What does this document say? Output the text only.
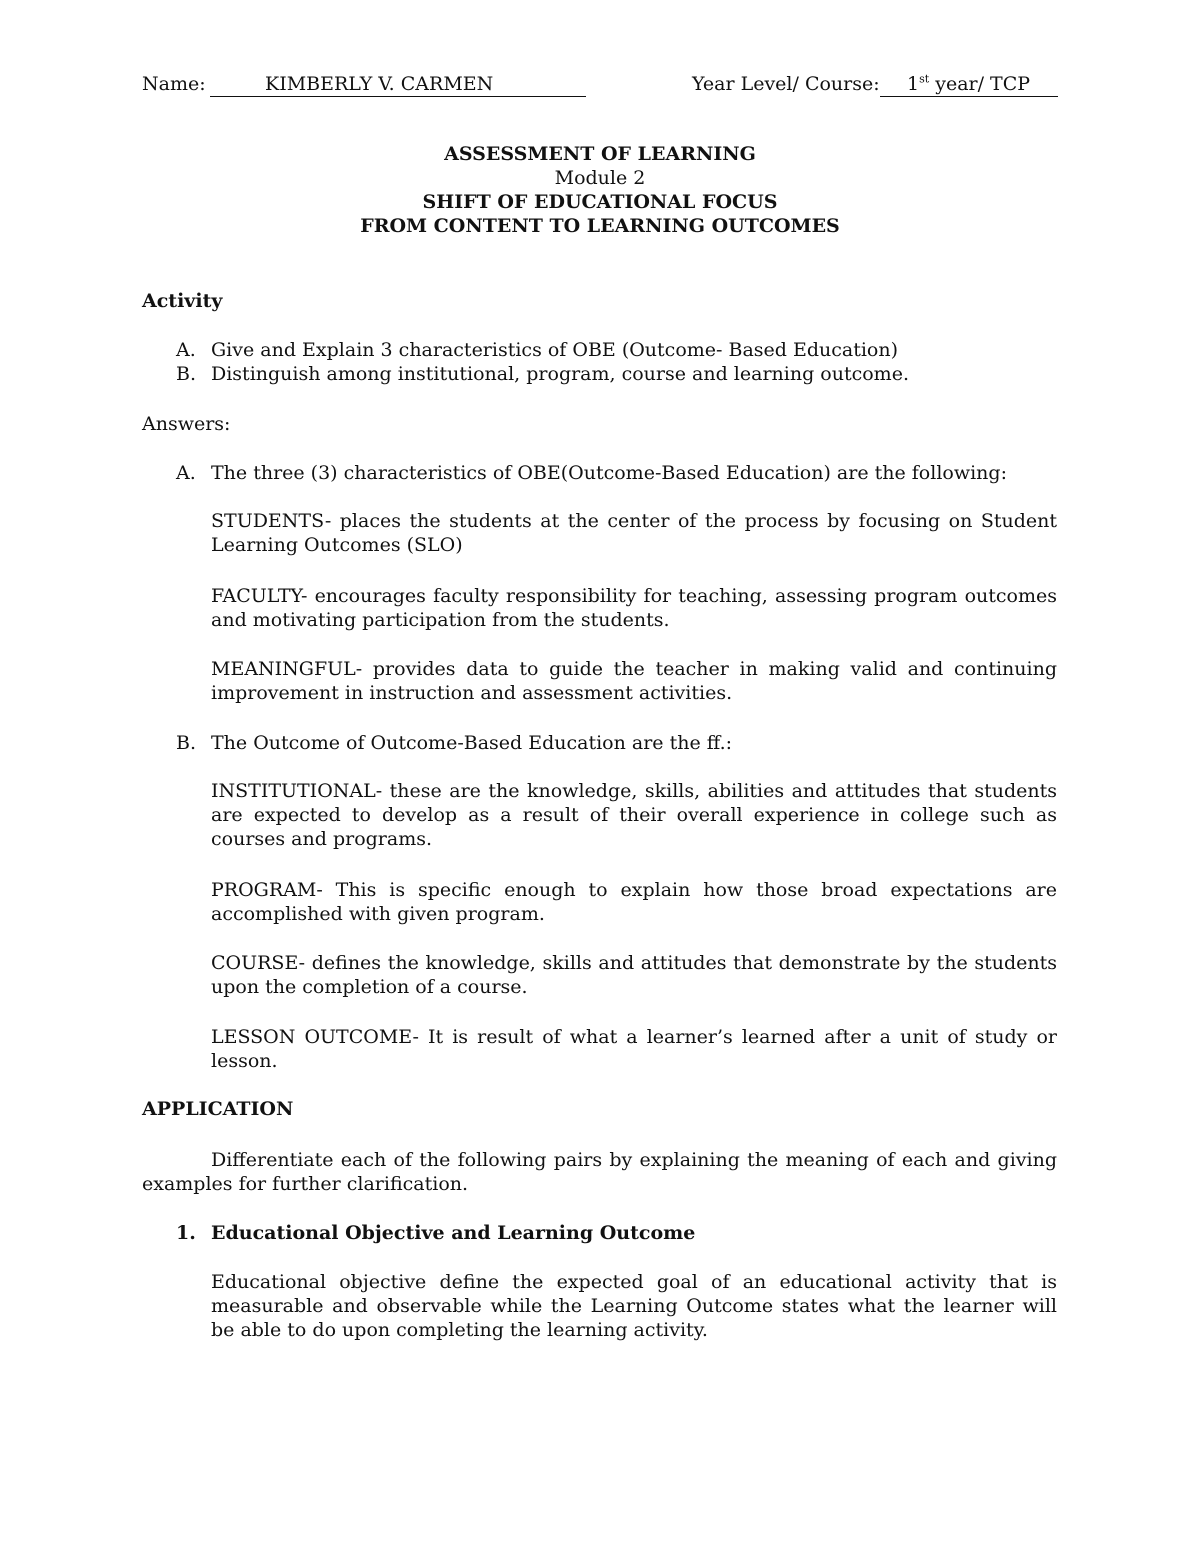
Name:	KIMBERLY V. CARMEN	Year Level/ Course: 1st year/ TCP
ASSESSMENT OF LEARNING
Module 2
SHIFT OF EDUCATIONAL FOCUS
FROM CONTENT TO LEARNING OUTCOMES
Activity
A. Give and Explain 3 characteristics of OBE (Outcome- Based Education)
B. Distinguish among institutional, program, course and learning outcome.
Answers:
A. The three (3) characteristics of OBE(Outcome-Based Education) are the following:
STUDENTS- places the students at the center of the process by focusing on Student Learning Outcomes (SLO)
FACULTY- encourages faculty responsibility for teaching, assessing program outcomes and motivating participation from the students.
MEANINGFUL- provides data to guide the teacher in making valid and continuing improvement in instruction and assessment activities.
B. The Outcome of Outcome-Based Education are the ff.:
INSTITUTIONAL- these are the knowledge, skills, abilities and attitudes that students are expected to develop as a result of their overall experience in college such as courses and programs.
PROGRAM- This is specific enough to explain how those broad expectations are accomplished with given program.
COURSE- defines the knowledge, skills and attitudes that demonstrate by the students upon the completion of a course.
LESSON OUTCOME- It is result of what a learner’s learned after a unit of study or lesson.
APPLICATION
Differentiate each of the following pairs by explaining the meaning of each and giving examples for further clarification.
1. Educational Objective and Learning Outcome
Educational objective define the expected goal of an educational activity that is measurable and observable while the Learning Outcome states what the learner will be able to do upon completing the learning activity.
